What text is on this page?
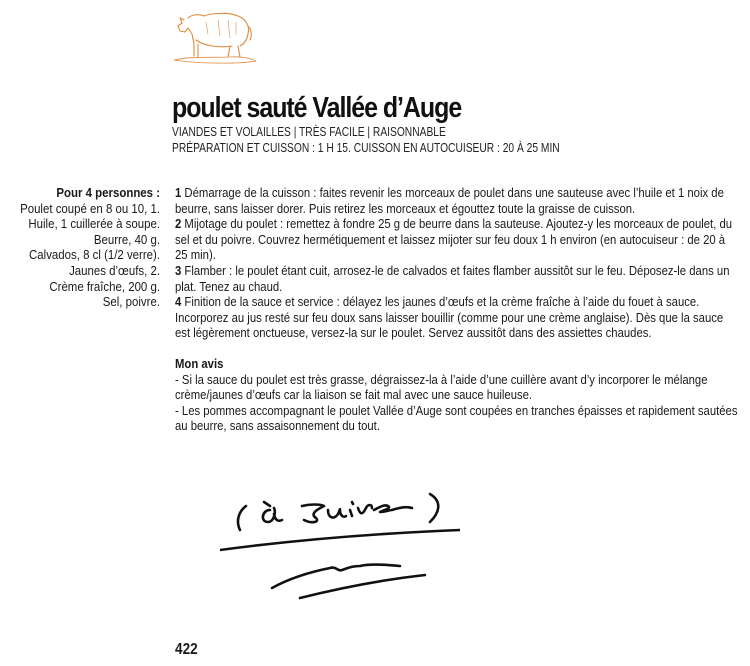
poulet sauté Vallée d’Auge
VIANDES ET VOLAILLES | TRÈS FACILE | RAISONNABLE
PRÉPARATION ET CUISSON : 1 H 15. CUISSON EN AUTOCUISEUR : 20 À 25 MIN
Pour 4 personnes :
Poulet coupé en 8 ou 10, 1.
Huile, 1 cuillerée à soupe.
Beurre, 40 g.
Calvados, 8 cl (1/2 verre).
Jaunes d’œufs, 2.
Crème fraîche, 200 g.
Sel, poivre.

1 Démarrage de la cuisson : faites revenir les morceaux de poulet dans une sauteuse avec l’huile et 1 noix de beurre, sans laisser dorer. Puis retirez les morceaux et égouttez toute la graisse de cuisson.

2 Mijotage du poulet : remettez à fondre 25 g de beurre dans la sauteuse. Ajoutez-y les morceaux de poulet, du sel et du poivre. Couvrez hermétiquement et laissez mijoter sur feu doux 1 h environ (en autocuiseur : de 20 à 25 min).

3 Flamber : le poulet étant cuit, arrosez-le de calvados et faites flamber aussitôt sur le feu. Déposez-le dans un plat. Tenez au chaud.

4 Finition de la sauce et service : délayez les jaunes d’œufs et la crème fraîche à l’aide du fouet à sauce. Incorporez au jus resté sur feu doux sans laisser bouillir (comme pour une crème anglaise). Dès que la sauce est légèrement onctueuse, versez-la sur le poulet. Servez aussitôt dans des assiettes chaudes.

Mon avis

- Si la sauce du poulet est très grasse, dégraissez-la à l’aide d’une cuillère avant d’y incorporer le mélange crème/jaunes d’œufs car la liaison se fait mal avec une sauce huileuse.

- Les pommes accompagnant le poulet Vallée d’Auge sont coupées en tranches épaisses et rapidement sautées au beurre, sans assaisonnement du tout.

422
